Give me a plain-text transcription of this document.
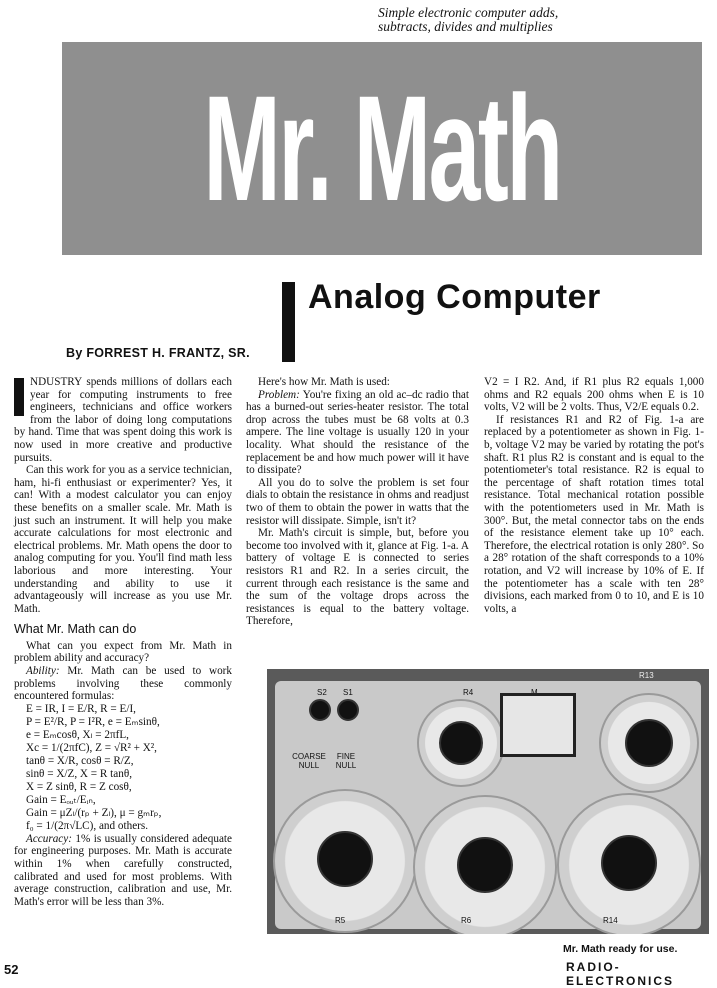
Simple electronic computer adds,
subtracts, divides and multiplies
Mr. Math
Analog Computer
By FORREST H. FRANTZ, SR.

NDUSTRY spends millions of dollars each year for computing instruments to free engineers, technicians and office workers from the labor of doing long computations by hand. Time that was spent doing this work is now used in more creative and productive pursuits.

Can this work for you as a service technician, ham, hi-fi enthusiast or experimenter? Yes, it can! With a modest calculator you can enjoy these benefits on a smaller scale. Mr. Math is just such an instrument. It will help you make accurate calculations for most electronic and electrical problems. Mr. Math opens the door to analog computing for you. You'll find math less laborious and more interesting. Your understanding and ability to use it advantageously will increase as you use Mr. Math.

What Mr. Math can do

What can you expect from Mr. Math in problem ability and accuracy?

Ability: Mr. Math can be used to work problems involving these commonly encountered formulas:

E = IR, I = E/R, R = E/I,

P = E²/R, P = I²R, e = Eₘsinθ,

e = Eₘcosθ, Xₗ = 2πfL,

Xc = 1/(2πfC), Z = √R² + X²,

tanθ = X/R, cosθ = R/Z,

sinθ = X/Z, X = R tanθ,

X = Z sinθ, R = Z cosθ,

Gain = Eₒᵤₜ/Eᵢₙ,

Gain = μZₗ/(rₚ + Zₗ), μ = gₘrₚ,

f₀ = 1/(2π√LC), and others.

Accuracy: 1% is usually considered adequate for engineering purposes. Mr. Math is accurate within 1% when carefully constructed, calibrated and used for most problems. With average construction, calibration and use, Mr. Math's error will be less than 3%.

Here's how Mr. Math is used:

Problem: You're fixing an old ac–dc radio that has a burned-out series-heater resistor. The total drop across the tubes must be 68 volts at 0.3 ampere. The line voltage is usually 120 in your locality. What should the resistance of the replacement be and how much power will it have to dissipate?

All you do to solve the problem is set four dials to obtain the resistance in ohms and readjust two of them to obtain the power in watts that the resistor will dissipate. Simple, isn't it?

Mr. Math's circuit is simple, but, before you become too involved with it, glance at Fig. 1-a. A battery of voltage E is connected to series resistors R1 and R2. In a series circuit, the current through each resistance is the same and the sum of the voltage drops across the resistances is equal to the battery voltage. Therefore,

V2 = I R2. And, if R1 plus R2 equals 1,000 ohms and R2 equals 200 ohms when E is 10 volts, V2 will be 2 volts. Thus, V2/E equals 0.2.

If resistances R1 and R2 of Fig. 1-a are replaced by a potentiometer as shown in Fig. 1-b, voltage V2 may be varied by rotating the pot's shaft. R1 plus R2 is constant and is equal to the potentiometer's total resistance. R2 is equal to the percentage of shaft rotation times total resistance. Total mechanical rotation possible with the potentiometers used in Mr. Math is 300°. But, the metal connector tabs on the ends of the resistance element take up 10° each. Therefore, the electrical rotation is only 280°. So a 28° rotation of the shaft corresponds to a 10% rotation, and V2 will increase by 10% of E. If the potentiometer has a scale with ten 28° divisions, each marked from 0 to 10, and E is 10 volts, a

S2 S1	R4
R13
COARSE NULL
FINE NULL
R5	R6	R14
Mr. Math ready for use.
52	RADIO-ELECTRONICS
